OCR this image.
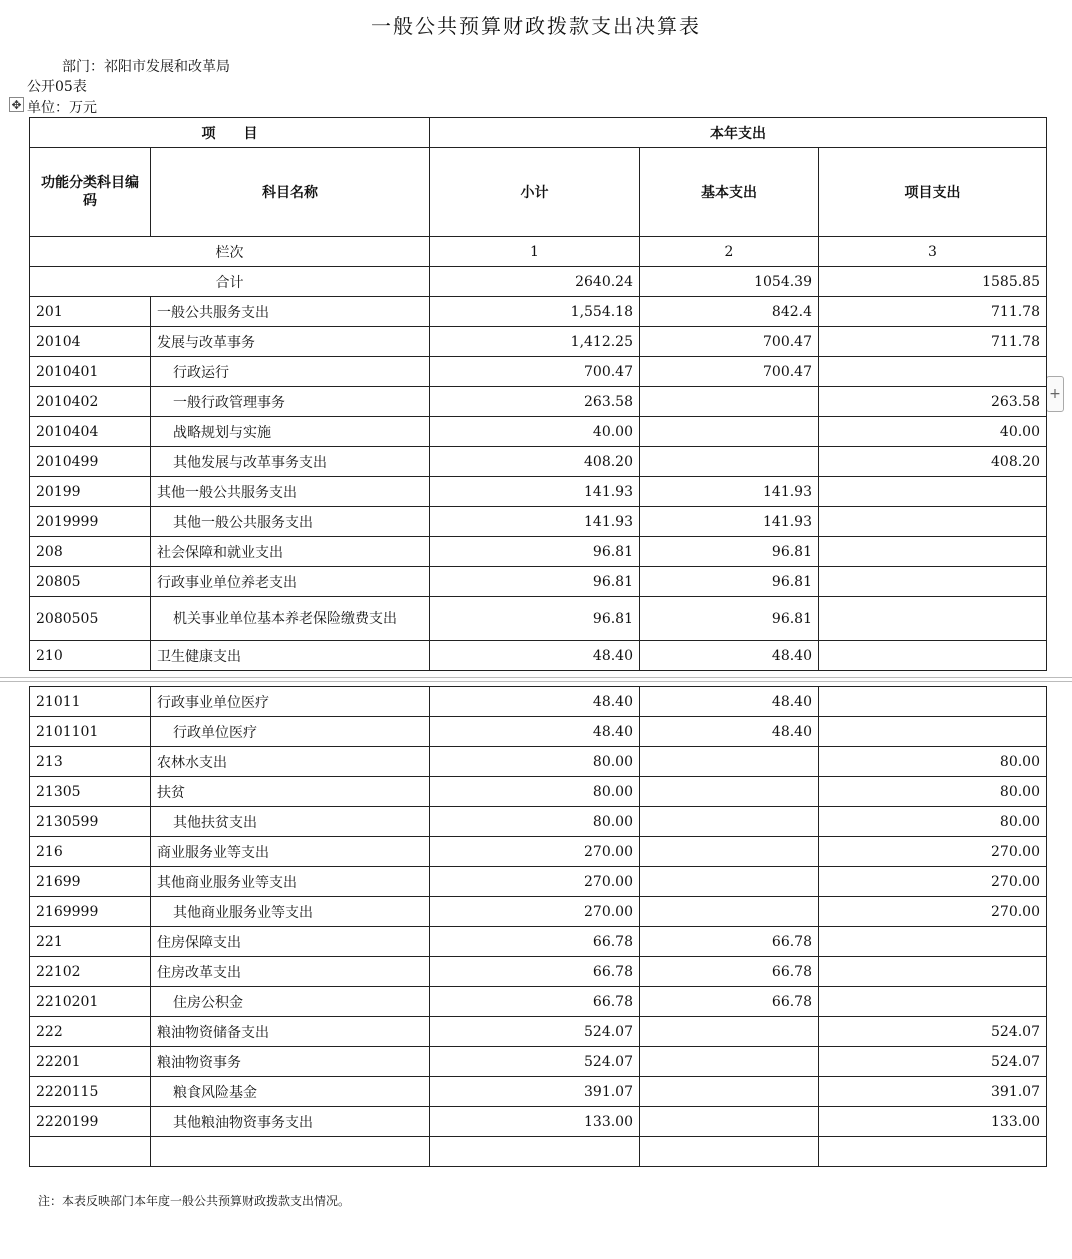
一般公共预算财政拨款支出决算表
部门：祁阳市发展和改革局
公开05表
单位：万元
✥
+
项　　目		本年支出		
功能分类科目编码	科目名称	小计	基本支出	项目支出
栏次		1	2	3
合计		2640.24	1054.39	1585.85
201	一般公共服务支出	1,554.18	842.4	711.78
20104	发展与改革事务	1,412.25	700.47	711.78
2010401	行政运行	700.47	700.47	
2010402	一般行政管理事务	263.58		263.58
2010404	战略规划与实施	40.00		40.00
2010499	其他发展与改革事务支出	408.20		408.20
20199	其他一般公共服务支出	141.93	141.93	
2019999	其他一般公共服务支出	141.93	141.93	
208	社会保障和就业支出	96.81	96.81	
20805	行政事业单位养老支出	96.81	96.81	
2080505	机关事业单位基本养老保险缴费支出	96.81	96.81	
210	卫生健康支出	48.40	48.40	
21011	行政事业单位医疗	48.40	48.40	
2101101	行政单位医疗	48.40	48.40	
213	农林水支出	80.00		80.00
21305	扶贫	80.00		80.00
2130599	其他扶贫支出	80.00		80.00
216	商业服务业等支出	270.00		270.00
21699	其他商业服务业等支出	270.00		270.00
2169999	其他商业服务业等支出	270.00		270.00
221	住房保障支出	66.78	66.78	
22102	住房改革支出	66.78	66.78	
2210201	住房公积金	66.78	66.78	
222	粮油物资储备支出	524.07		524.07
22201	粮油物资事务	524.07		524.07
2220115	粮食风险基金	391.07		391.07
2220199	其他粮油物资事务支出	133.00		133.00

注：本表反映部门本年度一般公共预算财政拨款支出情况。
